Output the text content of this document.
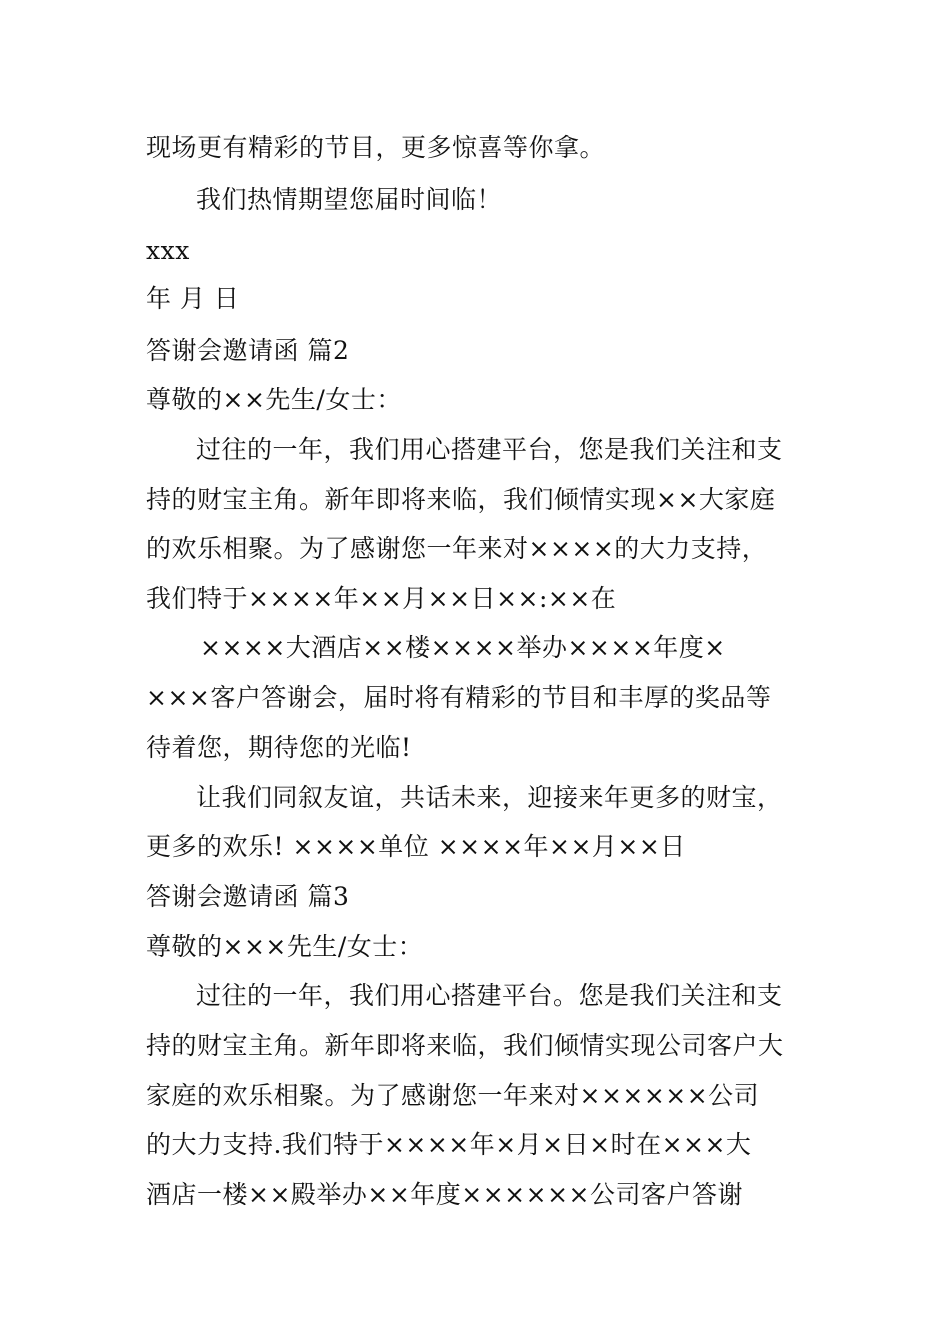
现场更有精彩的节目，更多惊喜等你拿。
我们热情期望您届时间临！
xxx
年 月 日
答谢会邀请函 篇2
尊敬的××先生/女士：
过往的一年，我们用心搭建平台，您是我们关注和支
持的财宝主角。新年即将来临，我们倾情实现××大家庭
的欢乐相聚。为了感谢您一年来对××××的大力支持，
我们特于××××年××月××日××:××在
××××大酒店××楼××××举办××××年度×
×××客户答谢会，届时将有精彩的节目和丰厚的奖品等
待着您，期待您的光临!
让我们同叙友谊，共话未来，迎接来年更多的财宝，
更多的欢乐! ××××单位 ××××年××月××日
答谢会邀请函 篇3
尊敬的×××先生/女士：
过往的一年，我们用心搭建平台。您是我们关注和支
持的财宝主角。新年即将来临，我们倾情实现公司客户大
家庭的欢乐相聚。为了感谢您一年来对××××××公司
的大力支持.我们特于××××年×月×日×时在×××大
酒店一楼××殿举办××年度××××××公司客户答谢
